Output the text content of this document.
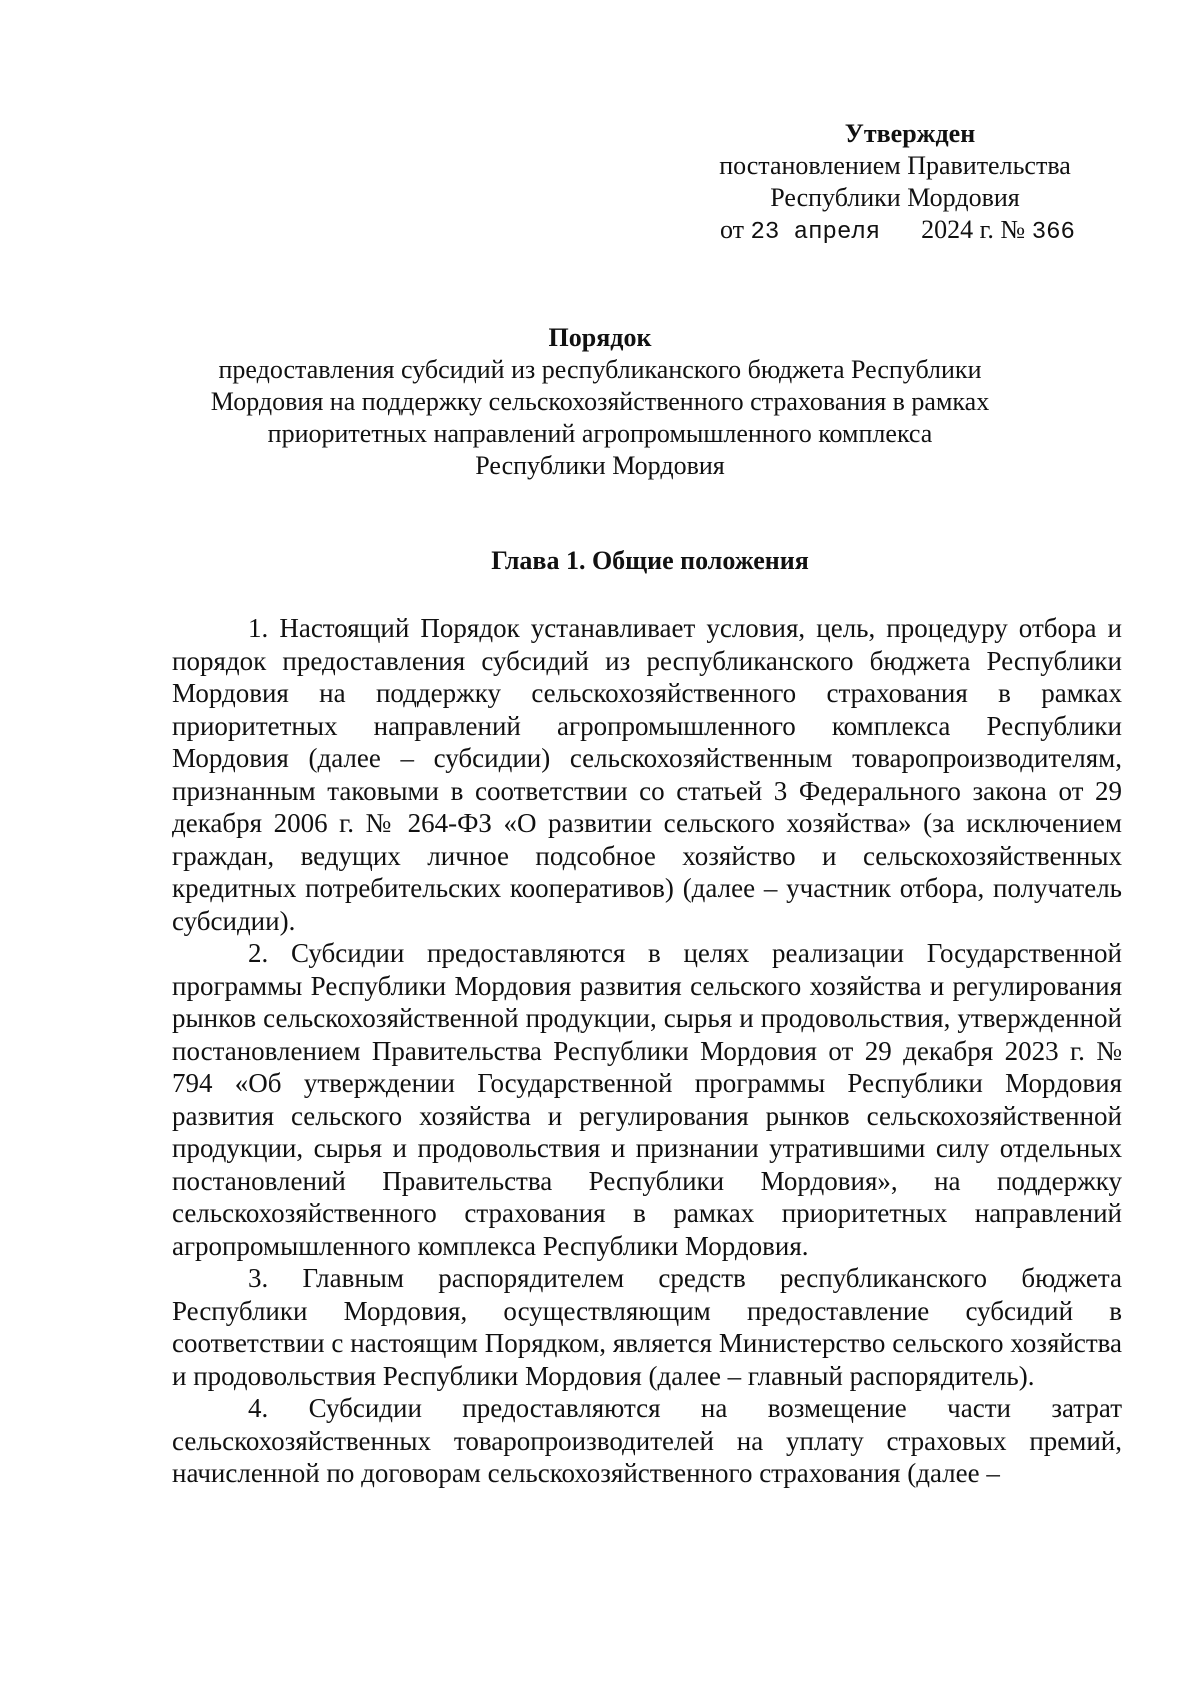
Утвержден
постановлением Правительства
Республики Мордовия
от 23 апреля 2024 г. № 366
Порядок
предоставления субсидий из республиканского бюджета Республики
Мордовия на поддержку сельскохозяйственного страхования в рамках
приоритетных направлений агропромышленного комплекса
Республики Мордовия
Глава 1. Общие положения

1. Настоящий Порядок устанавливает условия, цель, процедуру отбора и порядок предоставления субсидий из республиканского бюджета Республики Мордовия на поддержку сельскохозяйственного страхования в рамках приоритетных направлений агропромышленного комплекса Республики Мордовия (далее – субсидии) сельскохозяйственным товаропроизводителям, признанным таковыми в соответствии со статьей 3 Федерального закона от 29 декабря 2006 г. № 264-ФЗ «О развитии сельского хозяйства» (за исключением граждан, ведущих личное подсобное хозяйство и сельскохозяйственных кредитных потребительских кооперативов) (далее – участник отбора, получатель субсидии).

2. Субсидии предоставляются в целях реализации Государственной программы Республики Мордовия развития сельского хозяйства и регулирования рынков сельскохозяйственной продукции, сырья и продовольствия, утвержденной постановлением Правительства Республики Мордовия от 29 декабря 2023 г. № 794 «Об утверждении Государственной программы Республики Мордовия развития сельского хозяйства и регулирования рынков сельскохозяйственной продукции, сырья и продовольствия и признании утратившими силу отдельных постановлений Правительства Республики Мордовия», на поддержку сельскохозяйственного страхования в рамках приоритетных направлений агропромышленного комплекса Республики Мордовия.

3. Главным распорядителем средств республиканского бюджета Республики Мордовия, осуществляющим предоставление субсидий в соответствии с настоящим Порядком, является Министерство сельского хозяйства и продовольствия Республики Мордовия (далее – главный распорядитель).

4. Субсидии предоставляются на возмещение части затрат сельскохозяйственных товаропроизводителей на уплату страховых премий, начисленной по договорам сельскохозяйственного страхования (далее –
